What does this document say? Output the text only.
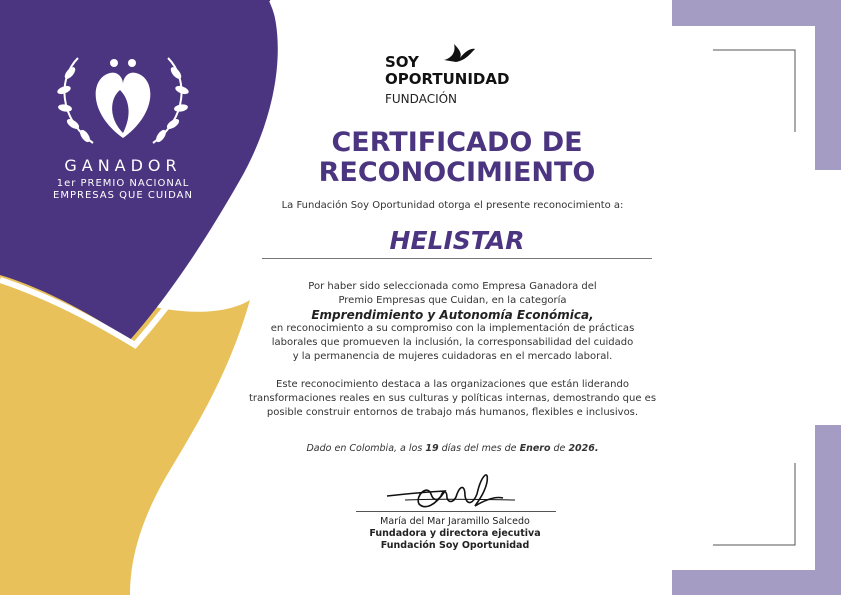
GANADOR
1er PREMIO NACIONAL
EMPRESAS QUE CUIDAN
SOY
OPORTUNIDAD
FUNDACIÓN
CERTIFICADO DE
RECONOCIMIENTO
La Fundación Soy Oportunidad otorga el presente reconocimiento a:
HELISTAR
Por haber sido seleccionada como Empresa Ganadora del
Premio Empresas que Cuidan, en la categoría
Emprendimiento y Autonomía Económica,
en reconocimiento a su compromiso con la implementación de prácticas
laborales que promueven la inclusión, la corresponsabilidad del cuidado
y la permanencia de mujeres cuidadoras en el mercado laboral.
Este reconocimiento destaca a las organizaciones que están liderando
transformaciones reales en sus culturas y políticas internas, demostrando que es
posible construir entornos de trabajo más humanos, flexibles e inclusivos.
Dado en Colombia, a los 19 días del mes de Enero de 2026.
María del Mar Jaramillo Salcedo
Fundadora y directora ejecutiva
Fundación Soy Oportunidad
